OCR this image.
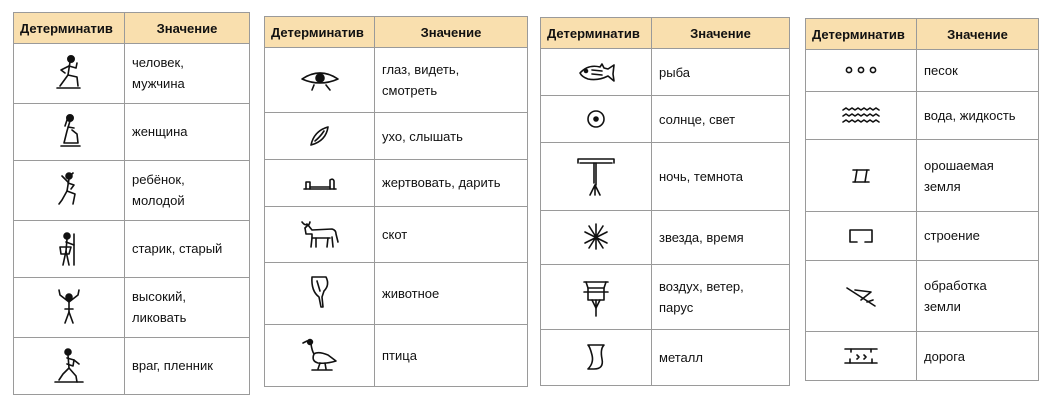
Детерминатив	Значение

	человек,
мужчина

	женщина

	ребёнок,
молодой

	старик, старый

	высокий,
ликовать

	враг, пленник
Детерминатив	Значение

	глаз, видеть,
смотреть

	ухо, слышать

	жертвовать, дарить

	скот

	животное

	птица
Детерминатив	Значение

	рыба

	солнце, свет

	ночь, темнота

	звезда, время

	воздух, ветер,
парус

	металл
Детерминатив	Значение

	песок

	вода, жидкость

	орошаемая
земля

	строение

	обработка
земли

	дорога
